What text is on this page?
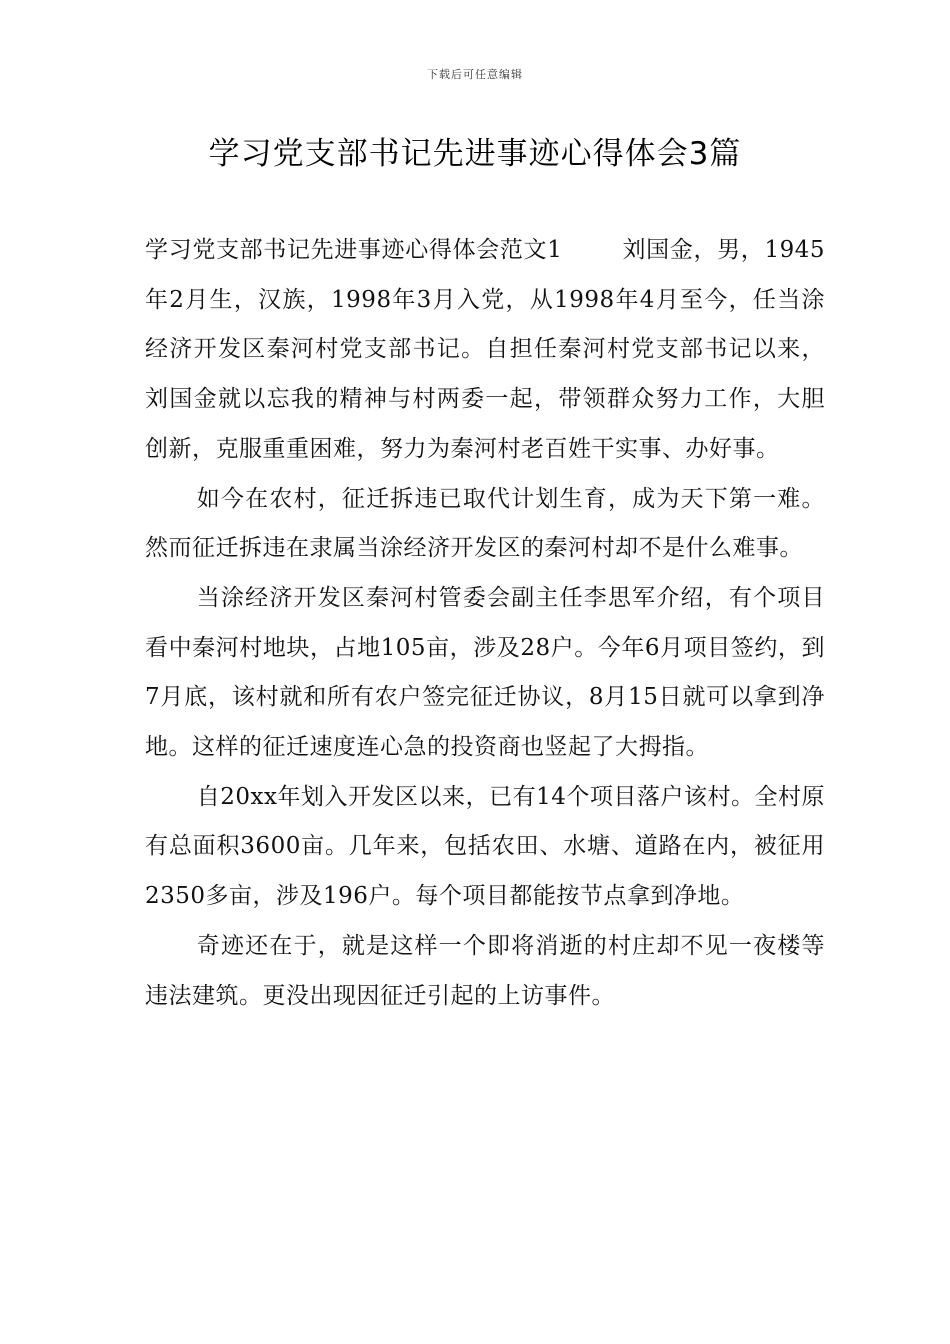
下载后可任意编辑
学习党支部书记先进事迹心得体会3篇

学习党支部书记先进事迹心得体会范文1	刘国金，男，1945年2月生，汉族，1998年3月入党，从1998年4月至今，任当涂经济开发区秦河村党支部书记。自担任秦河村党支部书记以来，刘国金就以忘我的精神与村两委一起，带领群众努力工作，大胆创新，克服重重困难，努力为秦河村老百姓干实事、办好事。

如今在农村，征迁拆违已取代计划生育，成为天下第一难。然而征迁拆违在隶属当涂经济开发区的秦河村却不是什么难事。

当涂经济开发区秦河村管委会副主任李思军介绍，有个项目看中秦河村地块，占地105亩，涉及28户。今年6月项目签约，到7月底，该村就和所有农户签完征迁协议，8月15日就可以拿到净地。这样的征迁速度连心急的投资商也竖起了大拇指。

自20xx年划入开发区以来，已有14个项目落户该村。全村原有总面积3600亩。几年来，包括农田、水塘、道路在内，被征用2350多亩，涉及196户。每个项目都能按节点拿到净地。

奇迹还在于，就是这样一个即将消逝的村庄却不见一夜楼等违法建筑。更没出现因征迁引起的上访事件。
